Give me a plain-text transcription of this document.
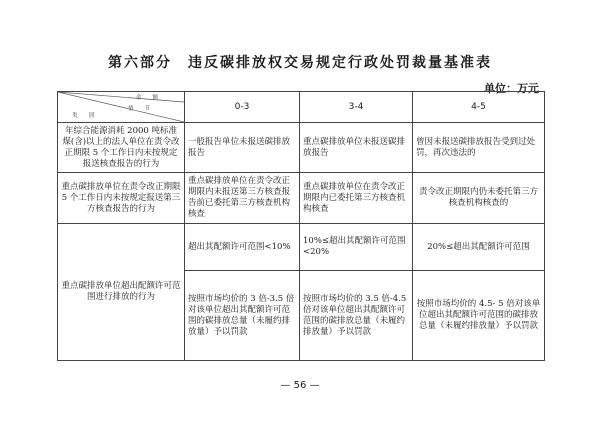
第六部分　违反碳排放权交易规定行政处罚裁量基准表
单位：万元
金　　额
情　　节
类　　别	0-3	3-4	4-5
年综合能源消耗 2000 吨标准煤(含)以上的法人单位在责令改正期限 5 个工作日内未按规定报送核查报告的行为	一般报告单位未报送碳排放报告	重点碳排放单位未报送碳排放报告	曾因未报送碳排放报告受到过处罚，再次违法的
重点碳排放单位在责令改正期限 5 个工作日内未按规定报送第三方核查报告的行为	重点碳排放单位在责令改正期限内未报送第三方核查报告前已委托第三方核查机构核查	重点碳排放单位在责令改正期限内已委托第三方核查机构核查	责令改正期限内仍未委托第三方核查机构核查的
重点碳排放单位超出配额许可范围进行排放的行为	超出其配额许可范围<10%	10%≤超出其配额许可范围<20%	20%≤超出其配额许可范围
	按照市场均价的 3 倍-3.5 倍对该单位超出其配额许可范围的碳排放总量（未履约排放量）予以罚款	按照市场均价的 3.5 倍-4.5 倍对该单位超出其配额许可范围的碳排放总量（未履约排放量）予以罚款	按照市场均价的 4.5- 5 倍对该单位超出其配额许可范围的碳排放总量（未履约排放量）予以罚款
— 56 —
